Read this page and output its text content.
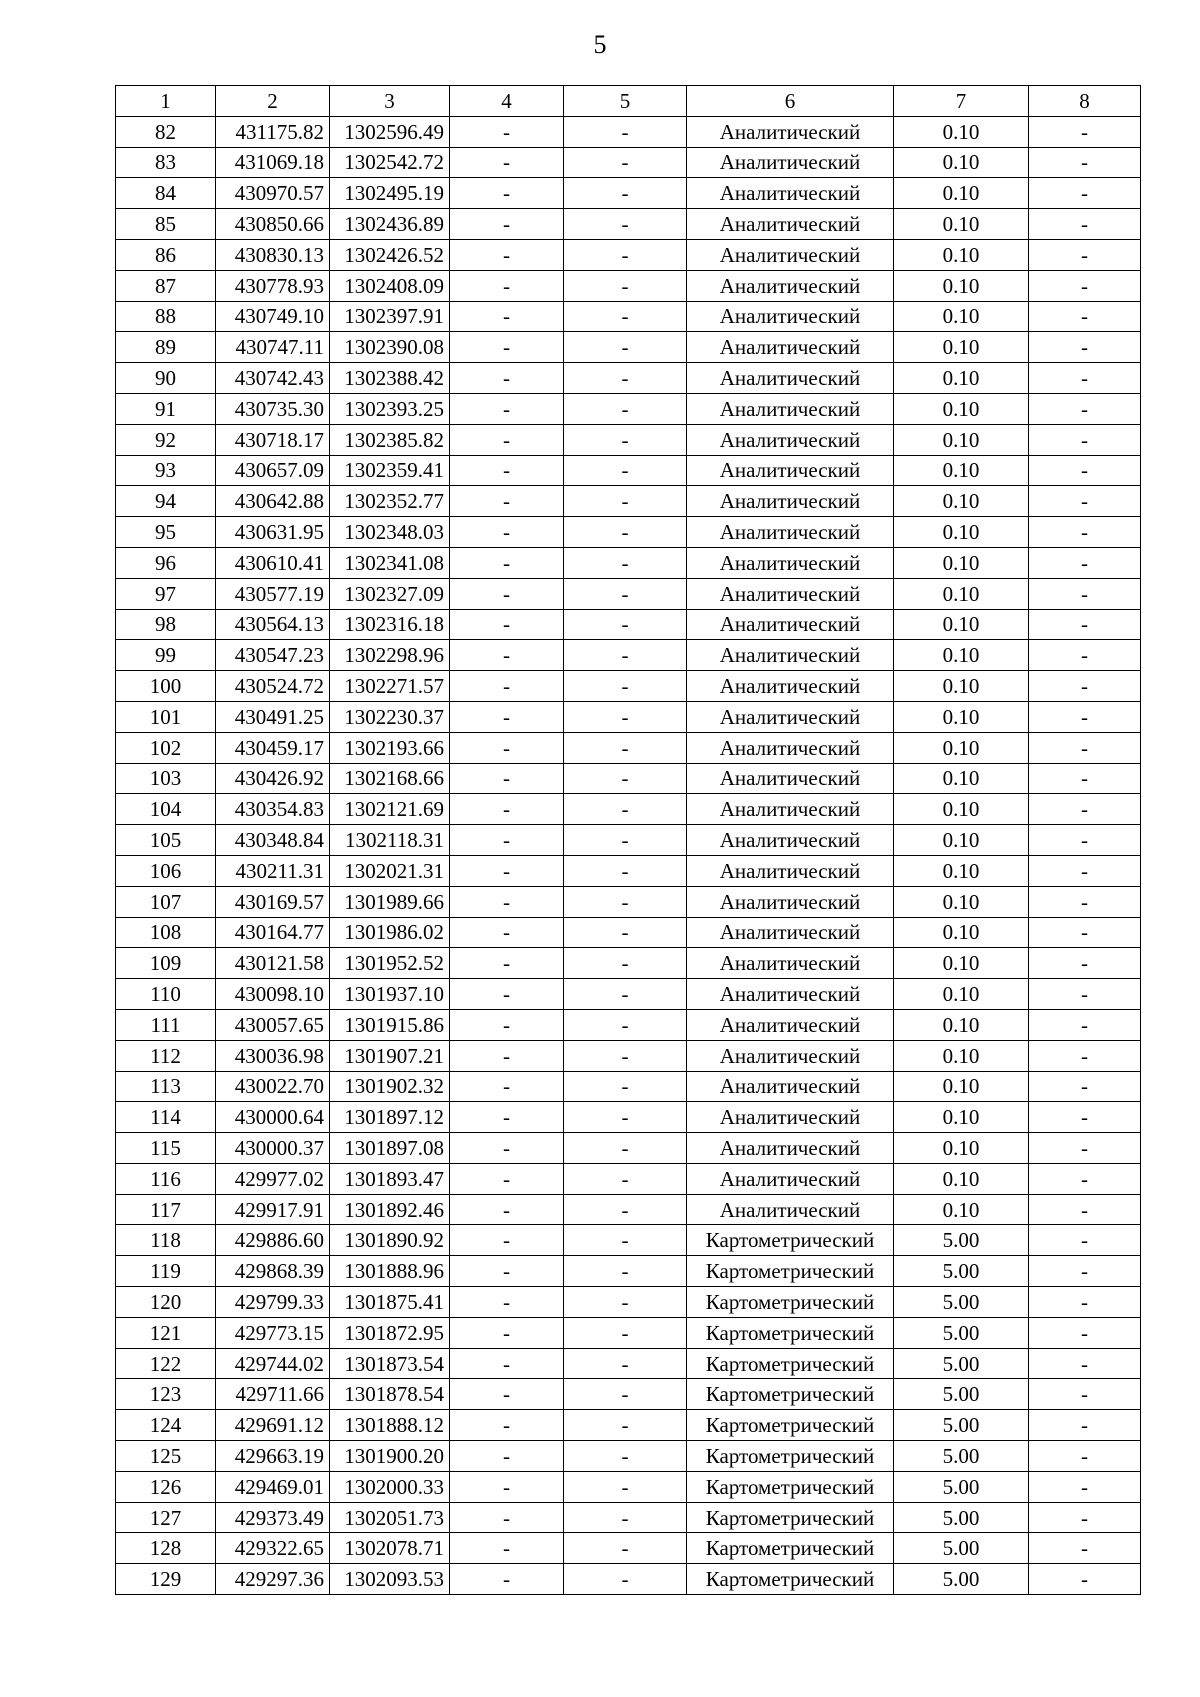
5
1	2	3	4	5	6	7	8
82	431175.82	1302596.49	-	-	Аналитический	0.10	-
83	431069.18	1302542.72	-	-	Аналитический	0.10	-
84	430970.57	1302495.19	-	-	Аналитический	0.10	-
85	430850.66	1302436.89	-	-	Аналитический	0.10	-
86	430830.13	1302426.52	-	-	Аналитический	0.10	-
87	430778.93	1302408.09	-	-	Аналитический	0.10	-
88	430749.10	1302397.91	-	-	Аналитический	0.10	-
89	430747.11	1302390.08	-	-	Аналитический	0.10	-
90	430742.43	1302388.42	-	-	Аналитический	0.10	-
91	430735.30	1302393.25	-	-	Аналитический	0.10	-
92	430718.17	1302385.82	-	-	Аналитический	0.10	-
93	430657.09	1302359.41	-	-	Аналитический	0.10	-
94	430642.88	1302352.77	-	-	Аналитический	0.10	-
95	430631.95	1302348.03	-	-	Аналитический	0.10	-
96	430610.41	1302341.08	-	-	Аналитический	0.10	-
97	430577.19	1302327.09	-	-	Аналитический	0.10	-
98	430564.13	1302316.18	-	-	Аналитический	0.10	-
99	430547.23	1302298.96	-	-	Аналитический	0.10	-
100	430524.72	1302271.57	-	-	Аналитический	0.10	-
101	430491.25	1302230.37	-	-	Аналитический	0.10	-
102	430459.17	1302193.66	-	-	Аналитический	0.10	-
103	430426.92	1302168.66	-	-	Аналитический	0.10	-
104	430354.83	1302121.69	-	-	Аналитический	0.10	-
105	430348.84	1302118.31	-	-	Аналитический	0.10	-
106	430211.31	1302021.31	-	-	Аналитический	0.10	-
107	430169.57	1301989.66	-	-	Аналитический	0.10	-
108	430164.77	1301986.02	-	-	Аналитический	0.10	-
109	430121.58	1301952.52	-	-	Аналитический	0.10	-
110	430098.10	1301937.10	-	-	Аналитический	0.10	-
111	430057.65	1301915.86	-	-	Аналитический	0.10	-
112	430036.98	1301907.21	-	-	Аналитический	0.10	-
113	430022.70	1301902.32	-	-	Аналитический	0.10	-
114	430000.64	1301897.12	-	-	Аналитический	0.10	-
115	430000.37	1301897.08	-	-	Аналитический	0.10	-
116	429977.02	1301893.47	-	-	Аналитический	0.10	-
117	429917.91	1301892.46	-	-	Аналитический	0.10	-
118	429886.60	1301890.92	-	-	Картометрический	5.00	-
119	429868.39	1301888.96	-	-	Картометрический	5.00	-
120	429799.33	1301875.41	-	-	Картометрический	5.00	-
121	429773.15	1301872.95	-	-	Картометрический	5.00	-
122	429744.02	1301873.54	-	-	Картометрический	5.00	-
123	429711.66	1301878.54	-	-	Картометрический	5.00	-
124	429691.12	1301888.12	-	-	Картометрический	5.00	-
125	429663.19	1301900.20	-	-	Картометрический	5.00	-
126	429469.01	1302000.33	-	-	Картометрический	5.00	-
127	429373.49	1302051.73	-	-	Картометрический	5.00	-
128	429322.65	1302078.71	-	-	Картометрический	5.00	-
129	429297.36	1302093.53	-	-	Картометрический	5.00	-
